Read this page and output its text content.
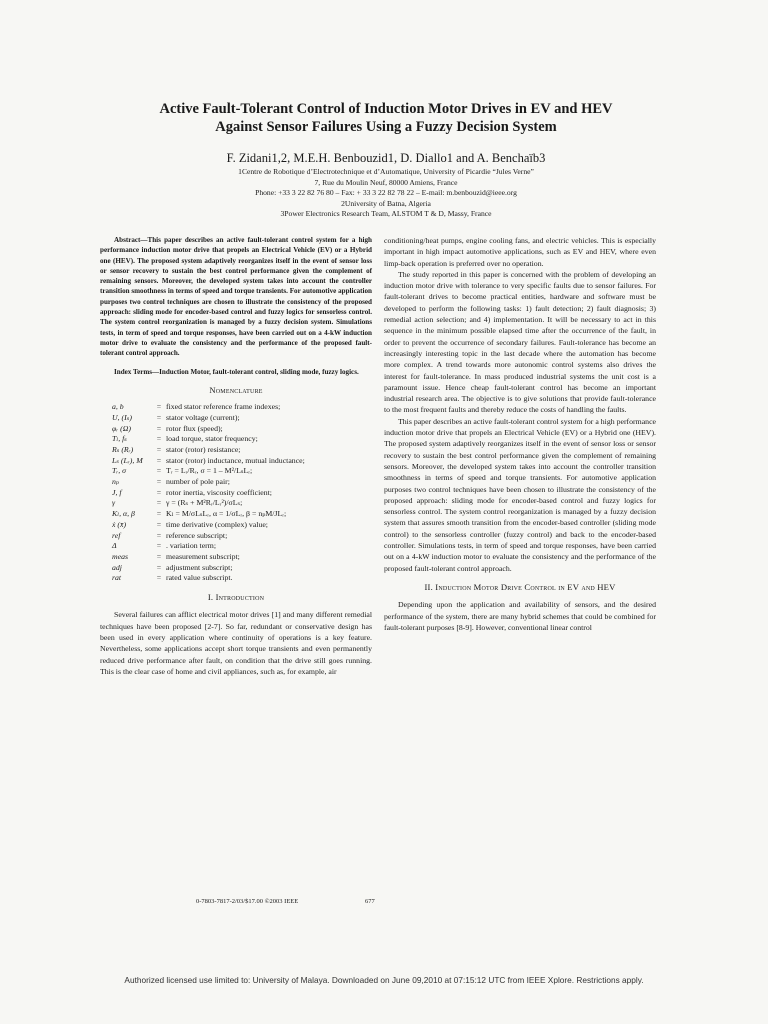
Active Fault-Tolerant Control of Induction Motor Drives in EV and HEV
Against Sensor Failures Using a Fuzzy Decision System
F. Zidani1,2, M.E.H. Benbouzid1, D. Diallo1 and A. Benchaïb3
1Centre de Robotique d’Electrotechnique et d’Automatique, University of Picardie “Jules Verne”
7, Rue du Moulin Neuf, 80000 Amiens, France
Phone: +33 3 22 82 76 80 – Fax: + 33 3 22 82 78 22 – E-mail: m.benbouzid@ieee.org
2University of Batna, Algeria
3Power Electronics Research Team, ALSTOM T & D, Massy, France

Abstract—This paper describes an active fault-tolerant control system for a high performance induction motor drive that propels an Electrical Vehicle (EV) or a Hybrid one (HEV). The proposed system adaptively reorganizes itself in the event of sensor loss or sensor recovery to sustain the best control performance given the complement of remaining sensors. Moreover, the developed system takes into account the controller transition smoothness in terms of speed and torque transients. For automotive application purposes two control techniques are chosen to illustrate the consistency of the proposed approach: sliding mode for encoder-based control and fuzzy logics for sensorless control. The system control reorganization is managed by a fuzzy decision system. Simulations tests, in term of speed and torque responses, have been carried out on a 4-kW induction motor drive to evaluate the consistency and the performance of the proposed fault-tolerant control approach.

Index Terms—Induction Motor, fault-tolerant control, sliding mode, fuzzy logics.

Nomenclature

a, b	=	fixed stator reference frame indexes;
U, (Iₛ)	=	stator voltage (current);
φᵣ (Ω)	=	rotor flux (speed);
Tₗ, fₛ	=	load torque, stator frequency;
Rₛ (Rᵣ)	=	stator (rotor) resistance;
Lₛ (Lᵣ), M	=	stator (rotor) inductance, mutual inductance;
Tᵣ, σ	=	Tᵣ = Lᵣ/Rᵣ, σ = 1 – M²/LₛLᵣ;
nₚ	=	number of pole pair;
J, f	=	rotor inertia, viscosity coefficient;
γ	=	γ = (Rₛ + M²Rᵣ/Lᵣ²)/σLₛ;
Kₗ, α, β	=	Kₗ = M/σLₛLᵣ, α = 1/σLᵣ, β = nₚM/JLᵣ;
ẋ (x̄)	=	time derivative (complex) value;
ref	=	reference subscript;
Δ	=	. variation term;
meas	=	measurement subscript;
adj	=	adjustment subscript;
rat	=	rated value subscript.

I. Introduction

Several failures can afflict electrical motor drives [1] and many different remedial techniques have been proposed [2-7]. So far, redundant or conservative design has been used in every application where continuity of operations is a key feature. Nevertheless, some applications accept short torque transients and even permanently reduced drive performance after fault, on condition that the drive still goes running. This is the clear case of home and civil appliances, such as, for example, air

conditioning/heat pumps, engine cooling fans, and electric vehicles. This is especially important in high impact automotive applications, such as EV and HEV, where even limp-back operation is preferred over no operation.

The study reported in this paper is concerned with the problem of developing an induction motor drive with tolerance to very specific faults due to sensor failures. For fault-tolerant drives to become practical entities, hardware and software must be developed to perform the following tasks: 1) fault detection; 2) fault diagnosis; 3) remedial action selection; and 4) implementation. It will be necessary to act in this sequence in the minimum possible elapsed time after the occurrence of the fault, in order to prevent the occurrence of secondary failures. Fault-tolerance has become an increasingly interesting topic in the last decade where the automation has become more complex. A trend towards more autonomic control systems also drives the interest for fault-tolerance. In mass produced industrial systems the unit cost is a paramount issue. Hence cheap fault-tolerant control has become an important industrial research area. The objective is to give solutions that provide fault-tolerance to the most frequent faults and thereby reduce the costs of handling the faults.

This paper describes an active fault-tolerant control system for a high performance induction motor drive that propels an Electrical Vehicle (EV) or a Hybrid one (HEV). The proposed system adaptively reorganizes itself in the event of sensor loss or sensor recovery to sustain the best control performance given the complement of remaining sensors. Moreover, the developed system takes into account the controller transition smoothness in terms of speed and torque transients. For automotive application purposes two control techniques have been chosen to illustrate the consistency of the proposed approach: sliding mode for encoder-based control and fuzzy logics for sensorless control. The system control reorganization is managed by a fuzzy decision system that assures smooth transition from the encoder-based controller (sliding mode control) to the sensorless controller (fuzzy control) and back to the encoder-based controller. Simulations tests, in term of speed and torque responses, have been carried out on a 4-kW induction motor to evaluate the consistency and the performance of the proposed fault-tolerant control approach.

II. Induction Motor Drive Control in EV and HEV

Depending upon the application and availability of sensors, and the desired performance of the system, there are many hybrid schemes that could be combined for fault-tolerant purposes [8-9]. However, conventional linear control

0-7803-7817-2/03/$17.00 ©2003 IEEE	677
Authorized licensed use limited to: University of Malaya. Downloaded on June 09,2010 at 07:15:12 UTC from IEEE Xplore. Restrictions apply.
